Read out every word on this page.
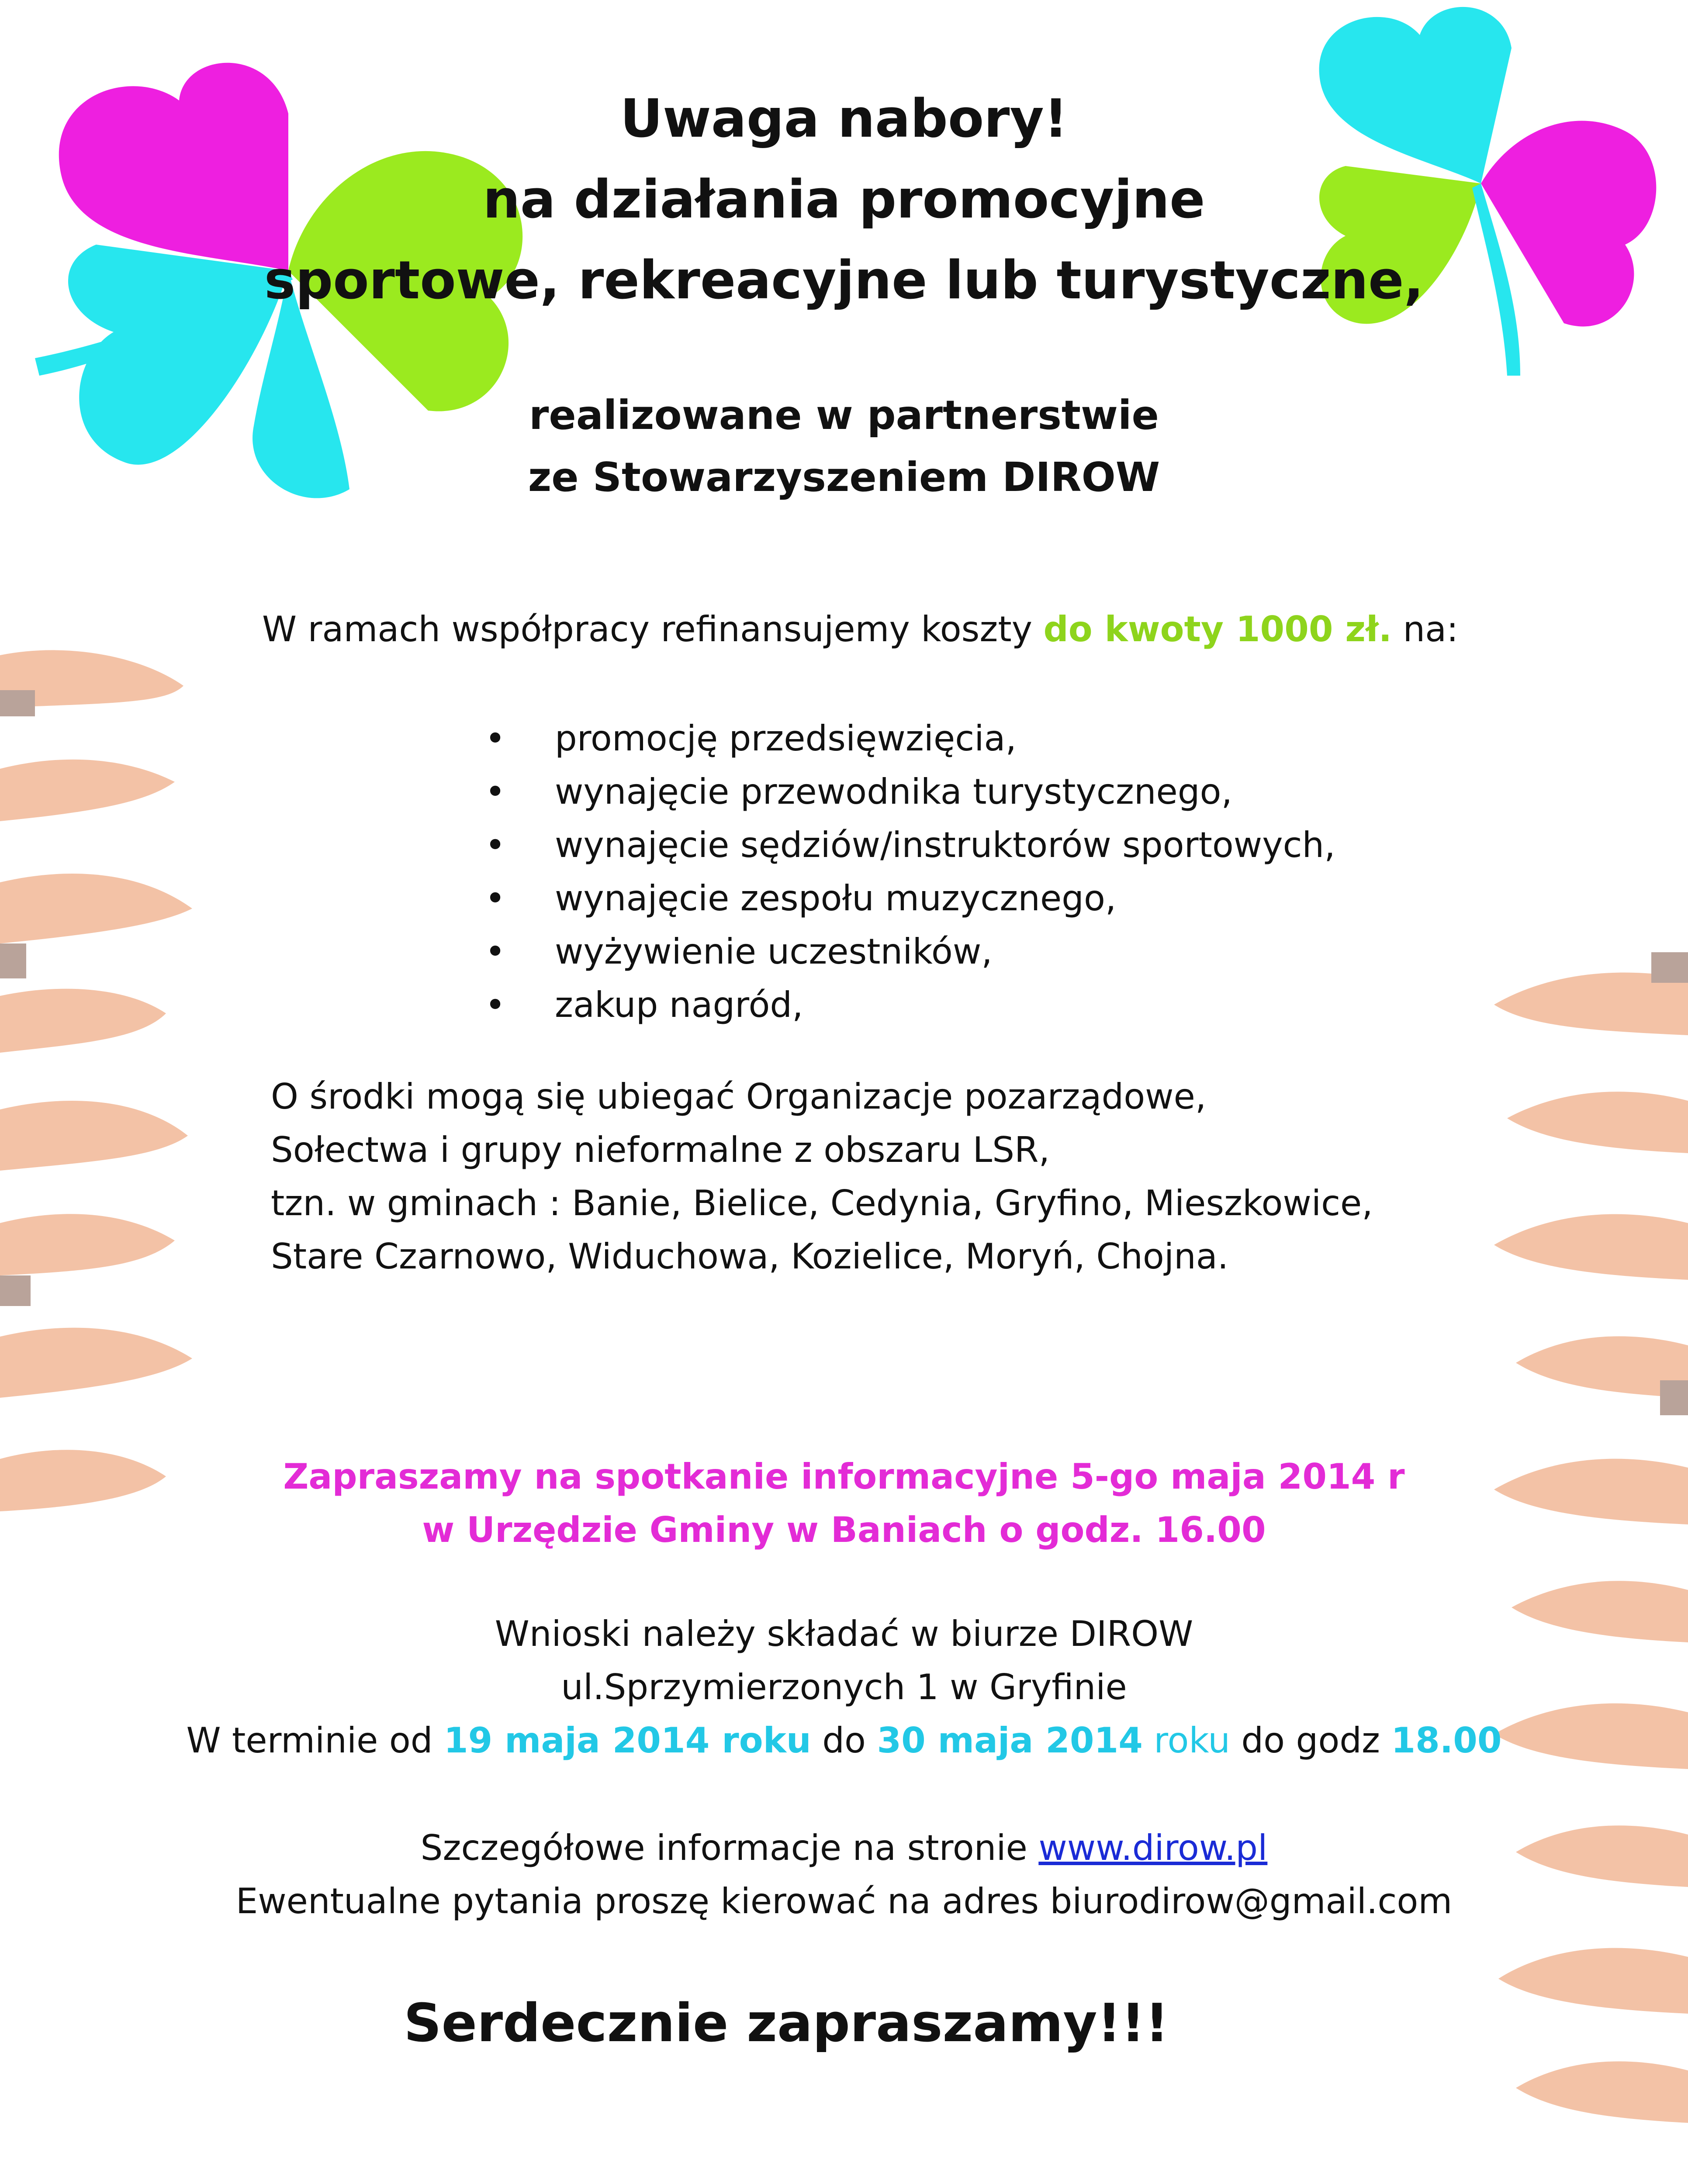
Uwaga nabory!
na działania promocyjne
sportowe, rekreacyjne lub turystyczne,
realizowane w partnerstwie
ze Stowarzyszeniem DIROW
W ramach współpracy refinansujemy koszty do kwoty 1000 zł. na:
• promocję przedsięwzięcia,
• wynajęcie przewodnika turystycznego,
• wynajęcie sędziów/instruktorów sportowych,
• wynajęcie zespołu muzycznego,
• wyżywienie uczestników,
• zakup nagród,
O środki mogą się ubiegać Organizacje pozarządowe,
Sołectwa i grupy nieformalne z obszaru LSR,
tzn. w gminach : Banie, Bielice, Cedynia, Gryfino, Mieszkowice,
Stare Czarnowo, Widuchowa, Kozielice, Moryń, Chojna.
Zapraszamy na spotkanie informacyjne 5-go maja 2014 r
w Urzędzie Gminy w Baniach o godz. 16.00
Wnioski należy składać w biurze DIROW
ul.Sprzymierzonych 1 w Gryfinie
W terminie od 19 maja 2014 roku do 30 maja 2014 roku do godz 18.00
Szczegółowe informacje na stronie www.dirow.pl
Ewentualne pytania proszę kierować na adres biurodirow@gmail.com
Serdecznie zapraszamy!!!
